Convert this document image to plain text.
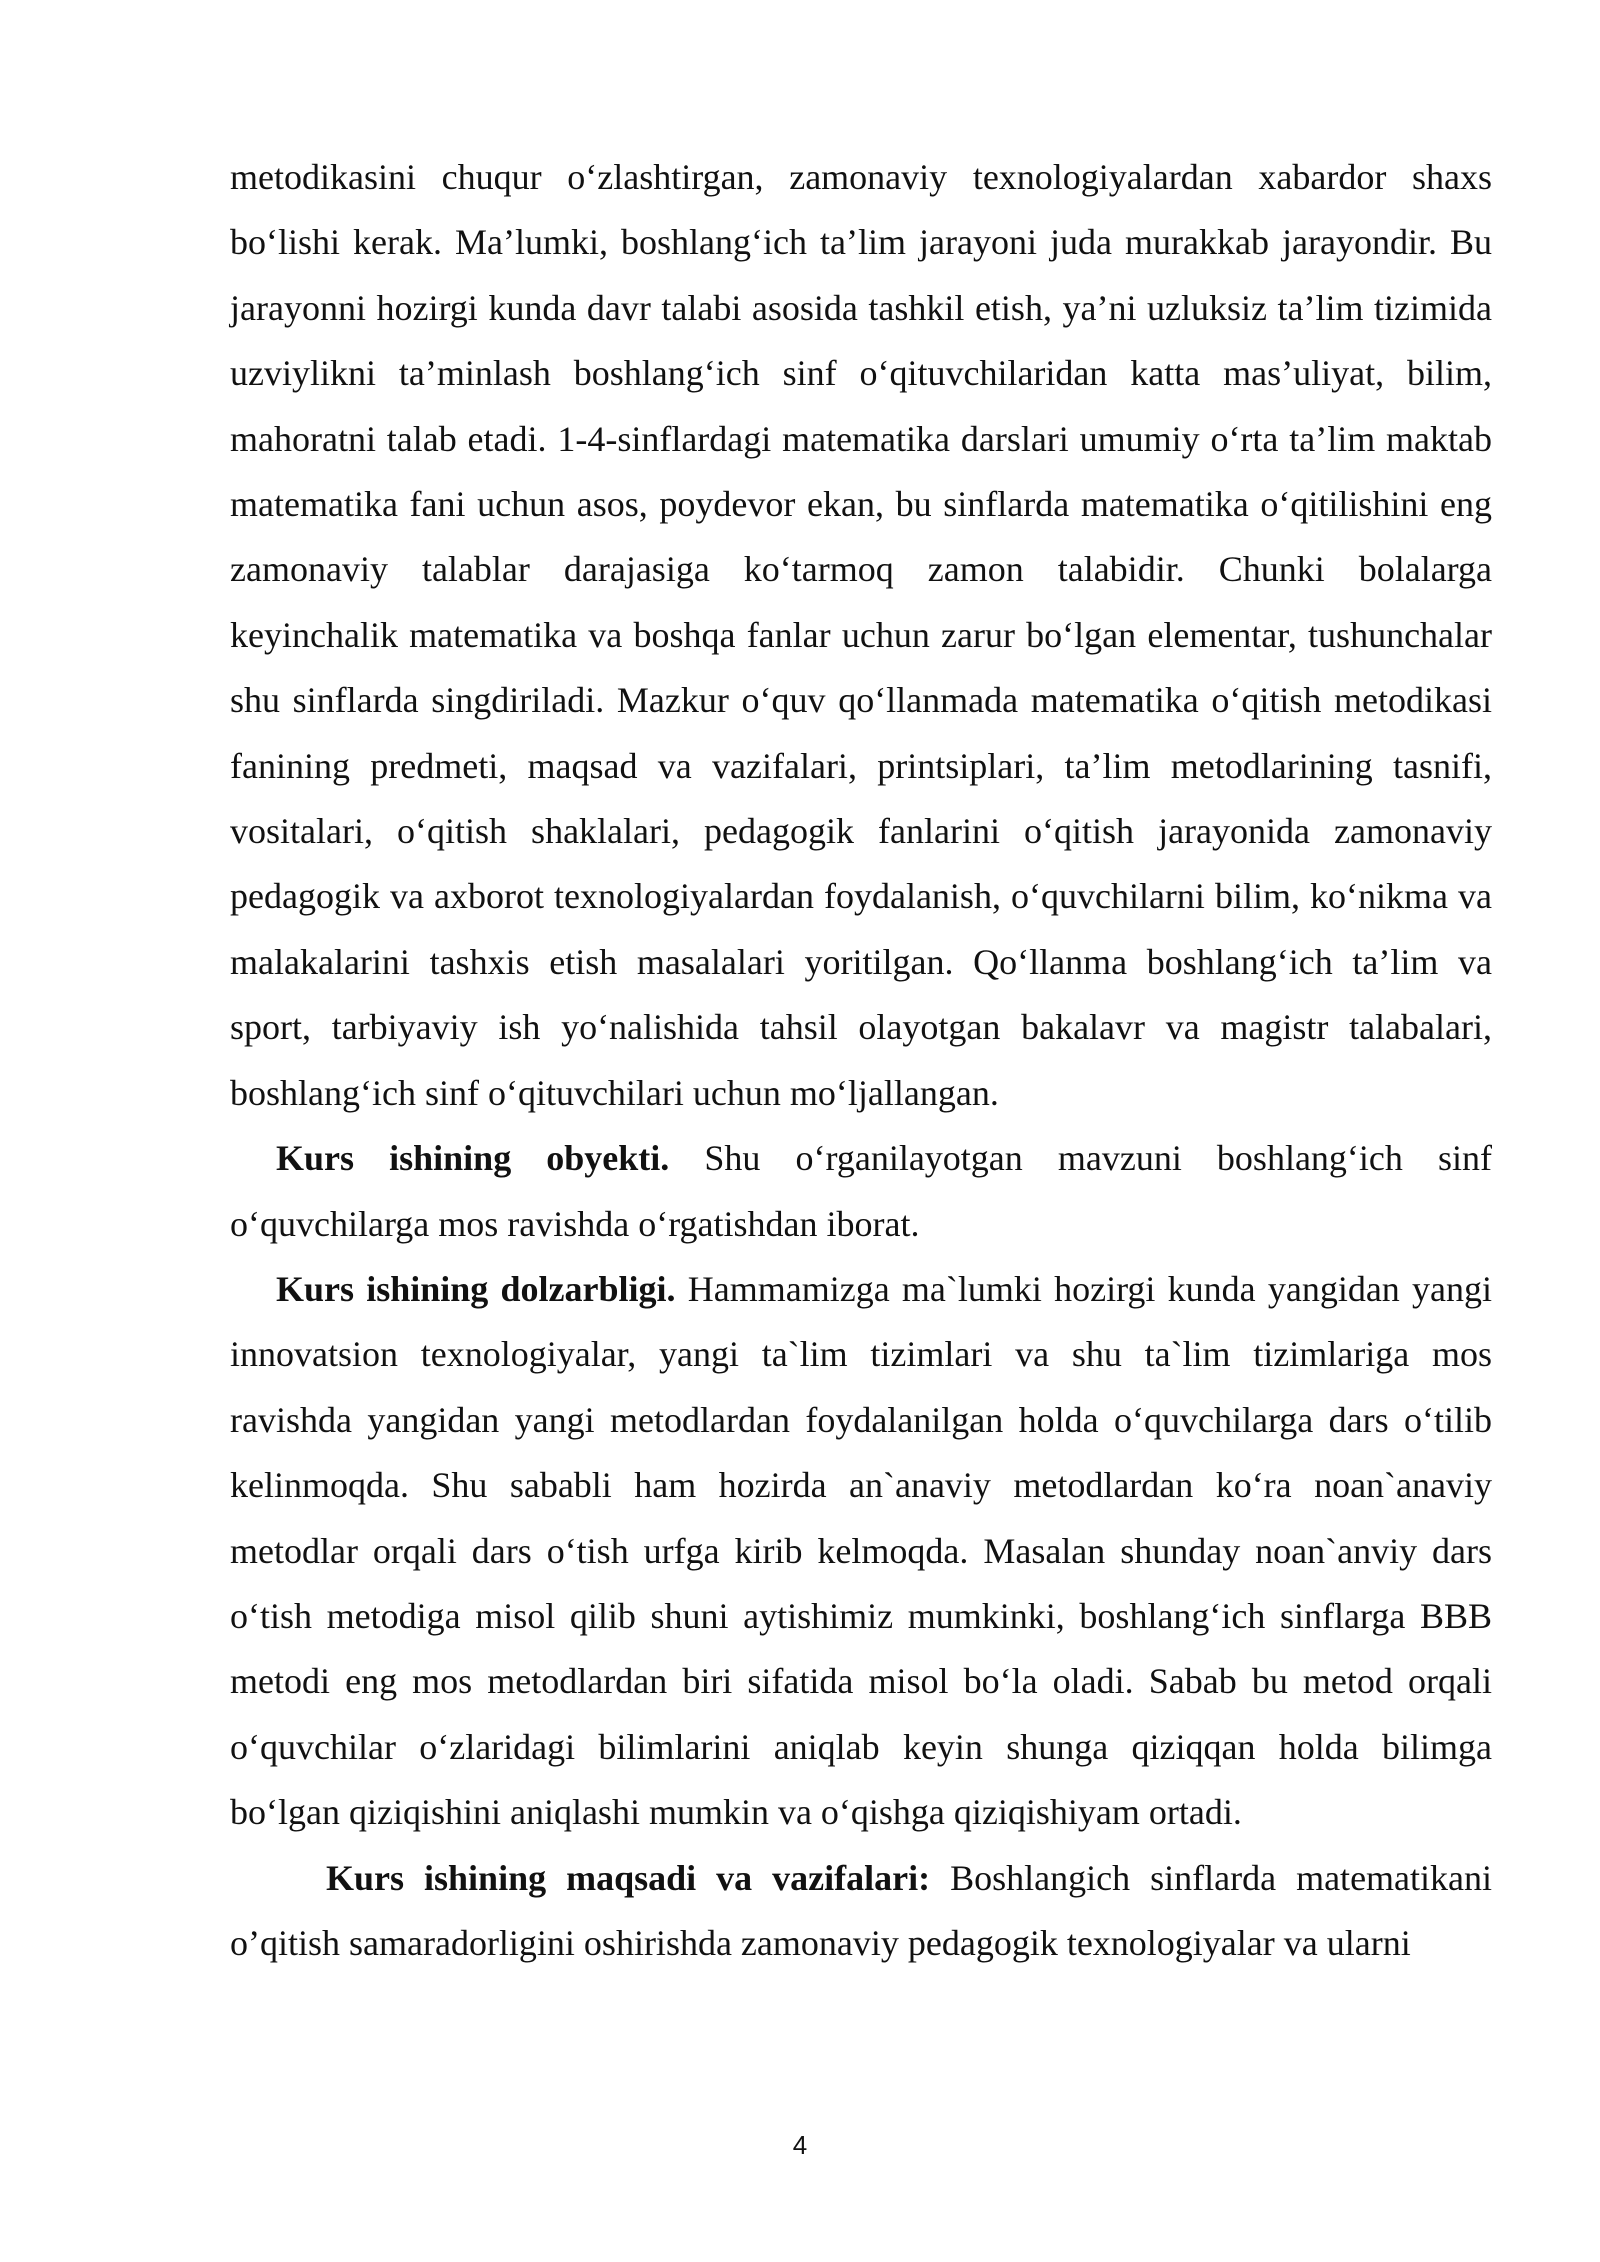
metodikasini chuqur o‘zlashtirgan, zamonaviy texnologiyalardan xabardor shaxs bo‘lishi kerak. Ma’lumki, boshlang‘ich ta’lim jarayoni juda murakkab jarayondir. Bu jarayonni hozirgi kunda davr talabi asosida tashkil etish, ya’ni uzluksiz ta’lim tizimida uzviylikni ta’minlash boshlang‘ich sinf o‘qituvchilaridan katta mas’uliyat, bilim, mahoratni talab etadi. 1-4-sinflardagi matematika darslari umumiy o‘rta ta’lim maktab matematika fani uchun asos, poydevor ekan, bu sinflarda matematika o‘qitilishini eng zamonaviy talablar darajasiga ko‘tarmoq zamon talabidir. Chunki bolalarga keyinchalik matematika va boshqa fanlar uchun zarur bo‘lgan elementar, tushunchalar shu sinflarda singdiriladi. Mazkur o‘quv qo‘llanmada matematika o‘qitish metodikasi fanining predmeti, maqsad va vazifalari, printsiplari, ta’lim metodlarining tasnifi, vositalari, o‘qitish shaklalari, pedagogik fanlarini o‘qitish jarayonida zamonaviy pedagogik va axborot texnologiyalardan foydalanish, o‘quvchilarni bilim, ko‘nikma va malakalarini tashxis etish masalalari yoritilgan. Qo‘llanma boshlang‘ich ta’lim va sport, tarbiyaviy ish yo‘nalishida tahsil olayotgan bakalavr va magistr talabalari, boshlang‘ich sinf o‘qituvchilari uchun mo‘ljallangan.

Kurs ishining obyekti. Shu o‘rganilayotgan mavzuni boshlang‘ich sinf o‘quvchilarga mos ravishda o‘rgatishdan iborat.

Kurs ishining dolzarbligi. Hammamizga ma`lumki hozirgi kunda yangidan yangi innovatsion texnologiyalar, yangi ta`lim tizimlari va shu ta`lim tizimlariga mos ravishda yangidan yangi metodlardan foydalanilgan holda o‘quvchilarga dars o‘tilib kelinmoqda. Shu sababli ham hozirda an`anaviy metodlardan ko‘ra noan`anaviy metodlar orqali dars o‘tish urfga kirib kelmoqda. Masalan shunday noan`anviy dars o‘tish metodiga misol qilib shuni aytishimiz mumkinki, boshlang‘ich sinflarga BBB metodi eng mos metodlardan biri sifatida misol bo‘la oladi. Sabab bu metod orqali o‘quvchilar o‘zlaridagi bilimlarini aniqlab keyin shunga qiziqqan holda bilimga bo‘lgan qiziqishini aniqlashi mumkin va o‘qishga qiziqishiyam ortadi.

Kurs ishining maqsadi va vazifalari: Boshlangich sinflarda matematikani o’qitish samaradorligini oshirishda zamonaviy pedagogik texnologiyalar va ularni

4
